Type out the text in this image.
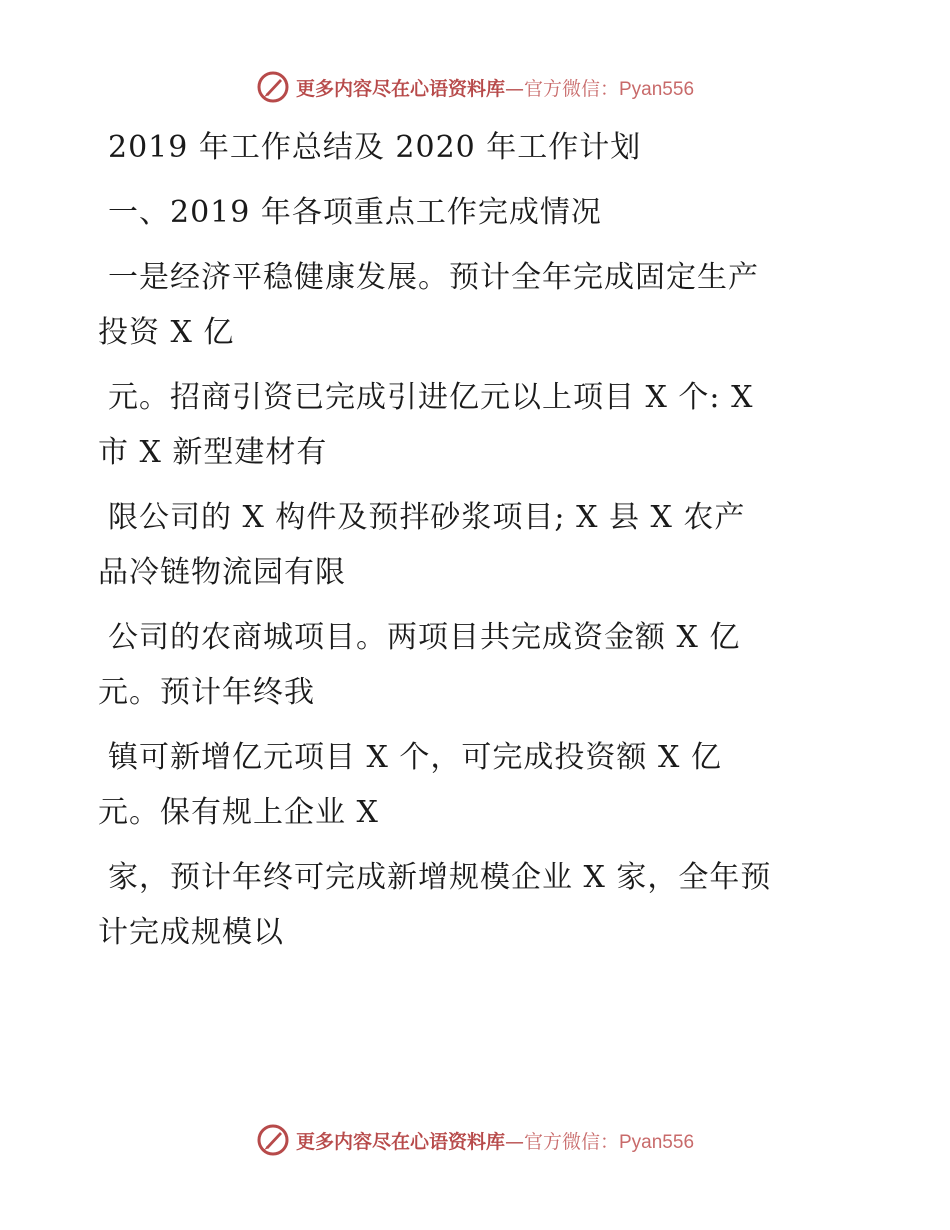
更多内容尽在心语资料库—官方微信：Pyan556
2019 年工作总结及 2020 年工作计划
一、2019 年各项重点工作完成情况
一是经济平稳健康发展。预计全年完成固定生产
投资 X 亿
元。招商引资已完成引进亿元以上项目 X 个: X
市 X 新型建材有
限公司的 X 构件及预拌砂浆项目; X 县 X 农产
品冷链物流园有限
公司的农商城项目。两项目共完成资金额 X 亿
元。预计年终我
镇可新增亿元项目 X 个，可完成投资额 X 亿
元。保有规上企业 X
家，预计年终可完成新增规模企业 X 家，全年预
计完成规模以
更多内容尽在心语资料库—官方微信：Pyan556
